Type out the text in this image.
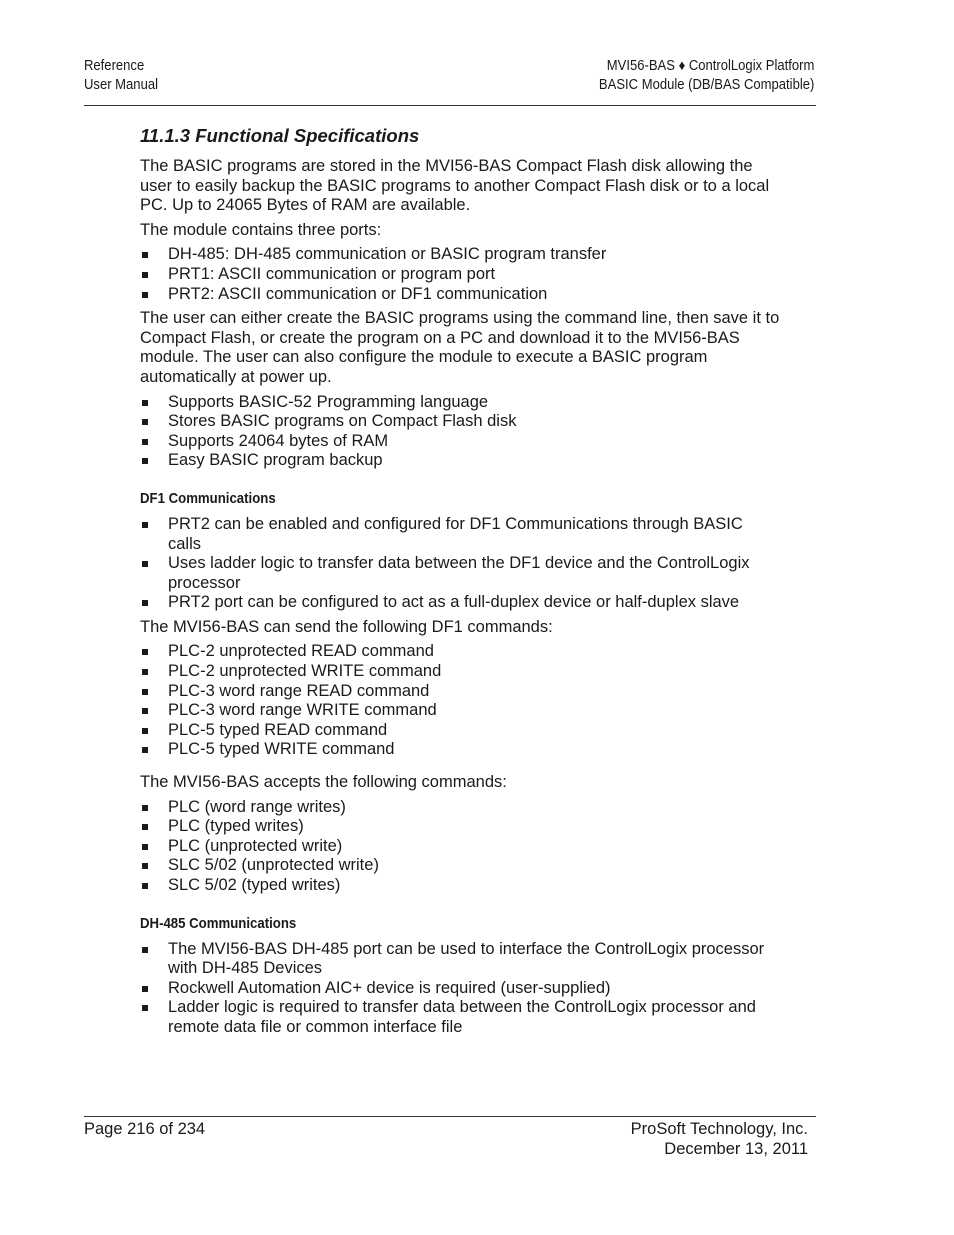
Reference
User Manual
MVI56-BAS ♦ ControlLogix Platform
BASIC Module (DB/BAS Compatible)
11.1.3 Functional Specifications

The BASIC programs are stored in the MVI56-BAS Compact Flash disk allowing the user to easily backup the BASIC programs to another Compact Flash disk or to a local PC. Up to 24065 Bytes of RAM are available.

The module contains three ports:

DH-485: DH-485 communication or BASIC program transfer
PRT1: ASCII communication or program port
PRT2: ASCII communication or DF1 communication

The user can either create the BASIC programs using the command line, then save it to Compact Flash, or create the program on a PC and download it to the MVI56-BAS module. The user can also configure the module to execute a BASIC program automatically at power up.

Supports BASIC-52 Programming language
Stores BASIC programs on Compact Flash disk
Supports 24064 bytes of RAM
Easy BASIC program backup
DF1 Communications
PRT2 can be enabled and configured for DF1 Communications through BASIC calls
Uses ladder logic to transfer data between the DF1 device and the ControlLogix processor
PRT2 port can be configured to act as a full-duplex device or half-duplex slave

The MVI56-BAS can send the following DF1 commands:

PLC-2 unprotected READ command
PLC-2 unprotected WRITE command
PLC-3 word range READ command
PLC-3 word range WRITE command
PLC-5 typed READ command
PLC-5 typed WRITE command

The MVI56-BAS accepts the following commands:

PLC (word range writes)
PLC (typed writes)
PLC (unprotected write)
SLC 5/02 (unprotected write)
SLC 5/02 (typed writes)
DH-485 Communications
The MVI56-BAS DH-485 port can be used to interface the ControlLogix processor with DH-485 Devices
Rockwell Automation AIC+ device is required (user-supplied)
Ladder logic is required to transfer data between the ControlLogix processor and remote data file or common interface file
Page 216 of 234	ProSoft Technology, Inc.
December 13, 2011
